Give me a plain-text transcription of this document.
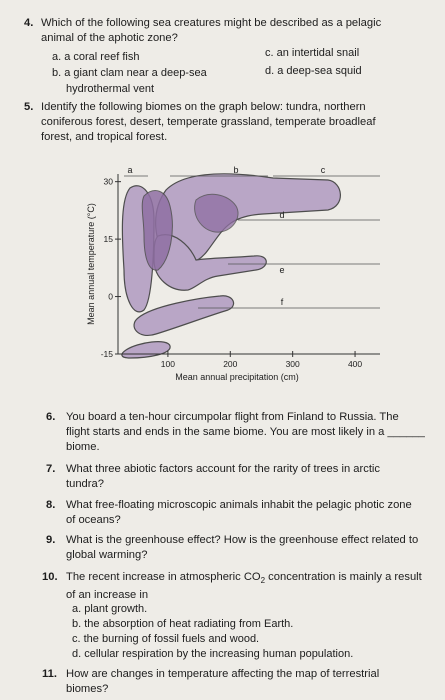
4. Which of the following sea creatures might be described as a pelagic
animal of the aphotic zone?
a. a coral reef fish	c. an intertidal snail
b. a giant clam near a deep-sea	d. a deep-sea squid
hydrothermal vent
5. Identify the following biomes on the graph below: tundra, northern
coniferous forest, desert, temperate grassland, temperate broadleaf
forest, and tropical forest.
30
15
0
-15
100	200	300	400
Mean annual precipitation (cm)
Mean annual temperature (°C)
a	b	c
d
e
f
6. You board a ten-hour circumpolar flight from Finland to Russia. The
flight starts and ends in the same biome. You are most likely in a ______
biome.
7. What three abiotic factors account for the rarity of trees in arctic
tundra?
8. What free-floating microscopic animals inhabit the pelagic photic zone
of oceans?
9. What is the greenhouse effect? How is the greenhouse effect related to
global warming?
10. The recent increase in atmospheric $CO_2$ concentration is mainly a result
of an increase in
a. plant growth.
b. the absorption of heat radiating from Earth.
c. the burning of fossil fuels and wood.
d. cellular respiration by the increasing human population.
11. How are changes in temperature affecting the map of terrestrial
biomes?
